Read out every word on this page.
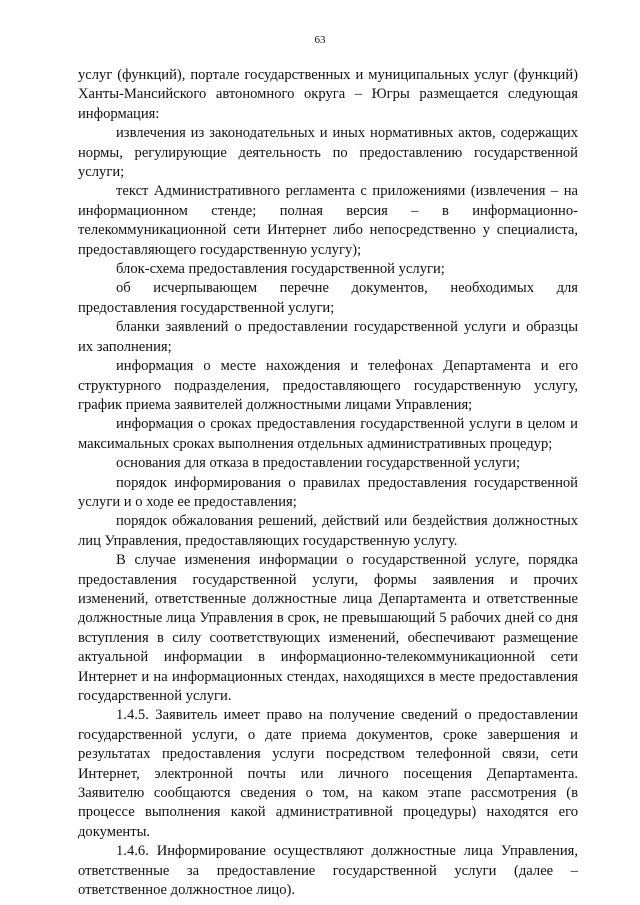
63

услуг (функций), портале государственных и муниципальных услуг (функций) Ханты-Мансийского автономного округа – Югры размещается следующая информация:

извлечения из законодательных и иных нормативных актов, содержащих нормы, регулирующие деятельность по предоставлению государственной услуги;

текст Административного регламента с приложениями (извлечения – на информационном стенде; полная версия – в информационно-телекоммуникационной сети Интернет либо непосредственно у специалиста, предоставляющего государственную услугу);

блок-схема предоставления государственной услуги;

об исчерпывающем перечне документов, необходимых для предоставления государственной услуги;

бланки заявлений о предоставлении государственной услуги и образцы их заполнения;

информация о месте нахождения и телефонах Департамента и его структурного подразделения, предоставляющего государственную услугу, график приема заявителей должностными лицами Управления;

информация о сроках предоставления государственной услуги в целом и максимальных сроках выполнения отдельных административных процедур;

основания для отказа в предоставлении государственной услуги;

порядок информирования о правилах предоставления государственной услуги и о ходе ее предоставления;

порядок обжалования решений, действий или бездействия должностных лиц Управления, предоставляющих государственную услугу.

В случае изменения информации о государственной услуге, порядка предоставления государственной услуги, формы заявления и прочих изменений, ответственные должностные лица Департамента и ответственные должностные лица Управления в срок, не превышающий 5 рабочих дней со дня вступления в силу соответствующих изменений, обеспечивают размещение актуальной информации в информационно-телекоммуникационной сети Интернет и на информационных стендах, находящихся в месте предоставления государственной услуги.

1.4.5. Заявитель имеет право на получение сведений о предоставлении государственной услуги, о дате приема документов, сроке завершения и результатах предоставления услуги посредством телефонной связи, сети Интернет, электронной почты или личного посещения Департамента. Заявителю сообщаются сведения о том, на каком этапе рассмотрения (в процессе выполнения какой административной процедуры) находятся его документы.

1.4.6. Информирование осуществляют должностные лица Управления, ответственные за предоставление государственной услуги (далее – ответственное должностное лицо).
